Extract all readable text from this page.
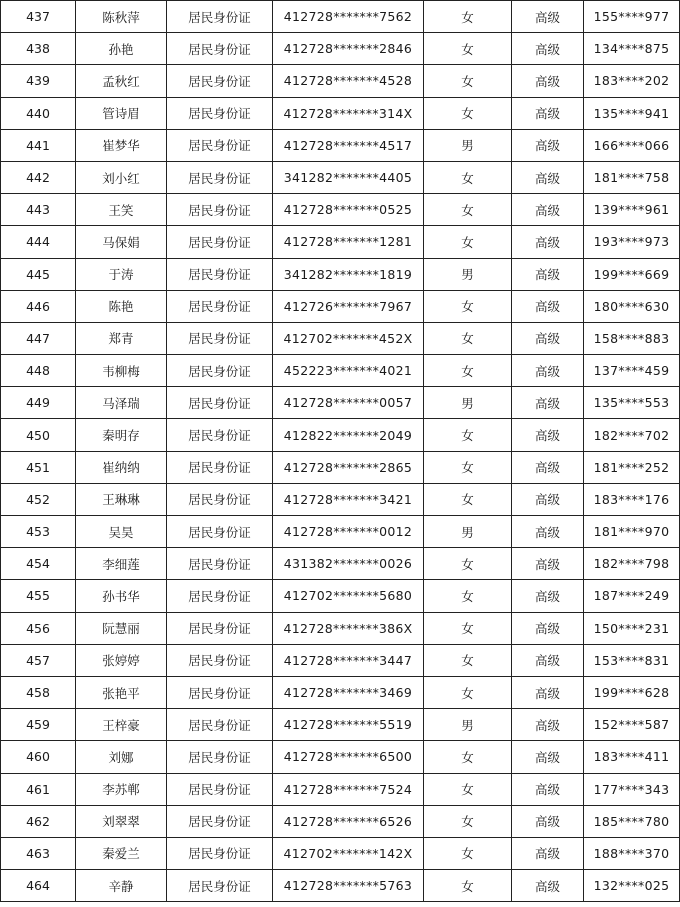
437	陈秋萍	居民身份证	412728*******7562	女	高级	155****977
438	孙艳	居民身份证	412728*******2846	女	高级	134****875
439	孟秋红	居民身份证	412728*******4528	女	高级	183****202
440	管诗眉	居民身份证	412728*******314X	女	高级	135****941
441	崔梦华	居民身份证	412728*******4517	男	高级	166****066
442	刘小红	居民身份证	341282*******4405	女	高级	181****758
443	王笑	居民身份证	412728*******0525	女	高级	139****961
444	马保娟	居民身份证	412728*******1281	女	高级	193****973
445	于涛	居民身份证	341282*******1819	男	高级	199****669
446	陈艳	居民身份证	412726*******7967	女	高级	180****630
447	郑青	居民身份证	412702*******452X	女	高级	158****883
448	韦柳梅	居民身份证	452223*******4021	女	高级	137****459
449	马泽瑞	居民身份证	412728*******0057	男	高级	135****553
450	秦明存	居民身份证	412822*******2049	女	高级	182****702
451	崔纳纳	居民身份证	412728*******2865	女	高级	181****252
452	王琳琳	居民身份证	412728*******3421	女	高级	183****176
453	吴昊	居民身份证	412728*******0012	男	高级	181****970
454	李细莲	居民身份证	431382*******0026	女	高级	182****798
455	孙书华	居民身份证	412702*******5680	女	高级	187****249
456	阮慧丽	居民身份证	412728*******386X	女	高级	150****231
457	张婷婷	居民身份证	412728*******3447	女	高级	153****831
458	张艳平	居民身份证	412728*******3469	女	高级	199****628
459	王梓豪	居民身份证	412728*******5519	男	高级	152****587
460	刘娜	居民身份证	412728*******6500	女	高级	183****411
461	李苏郸	居民身份证	412728*******7524	女	高级	177****343
462	刘翠翠	居民身份证	412728*******6526	女	高级	185****780
463	秦爱兰	居民身份证	412702*******142X	女	高级	188****370
464	辛静	居民身份证	412728*******5763	女	高级	132****025
